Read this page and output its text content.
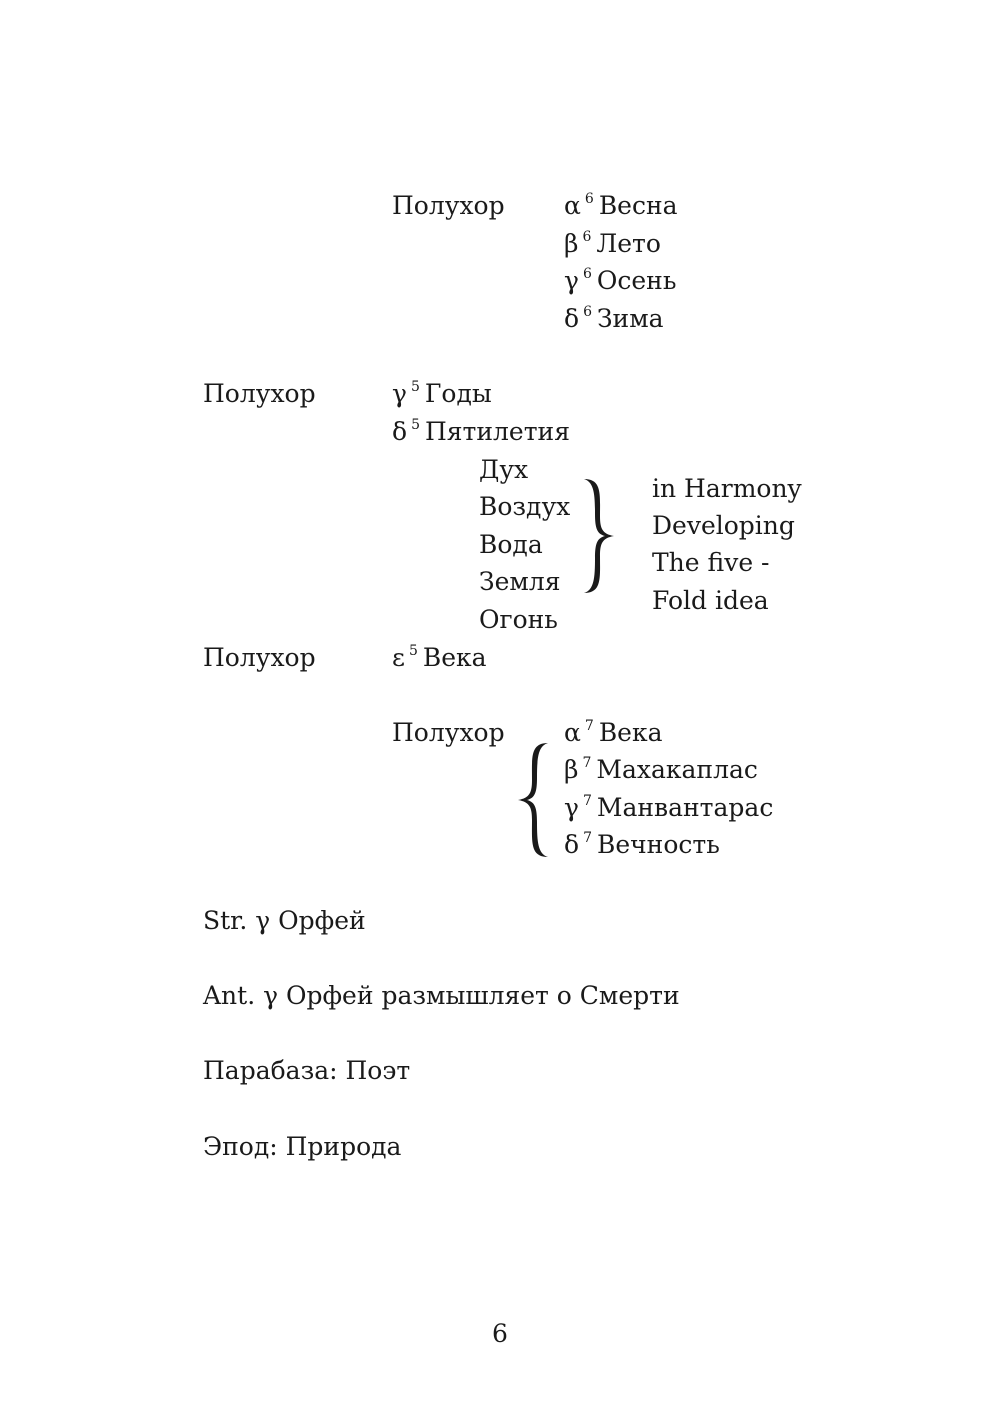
Полухор α $^6$ Весна
β $^6$ Лето
γ $^6$ Осень
δ $^6$ Зима
Полухор	γ $^5$ Годы
δ $^5$ Пятилетия
Дух
Воздух
Вода
Земля
Огонь
in Harmony
Developing
The five -
Fold idea
Полухор	ε $^5$ Века
Полухор α $^7$ Века
β $^7$ Махакаплас
γ $^7$ Манвантарас
δ $^7$ Вечность
Str. γ Орфей
Ant. γ Орфей размышляет о Смерти
Парабаза: Поэт
Эпод: Природа
6
